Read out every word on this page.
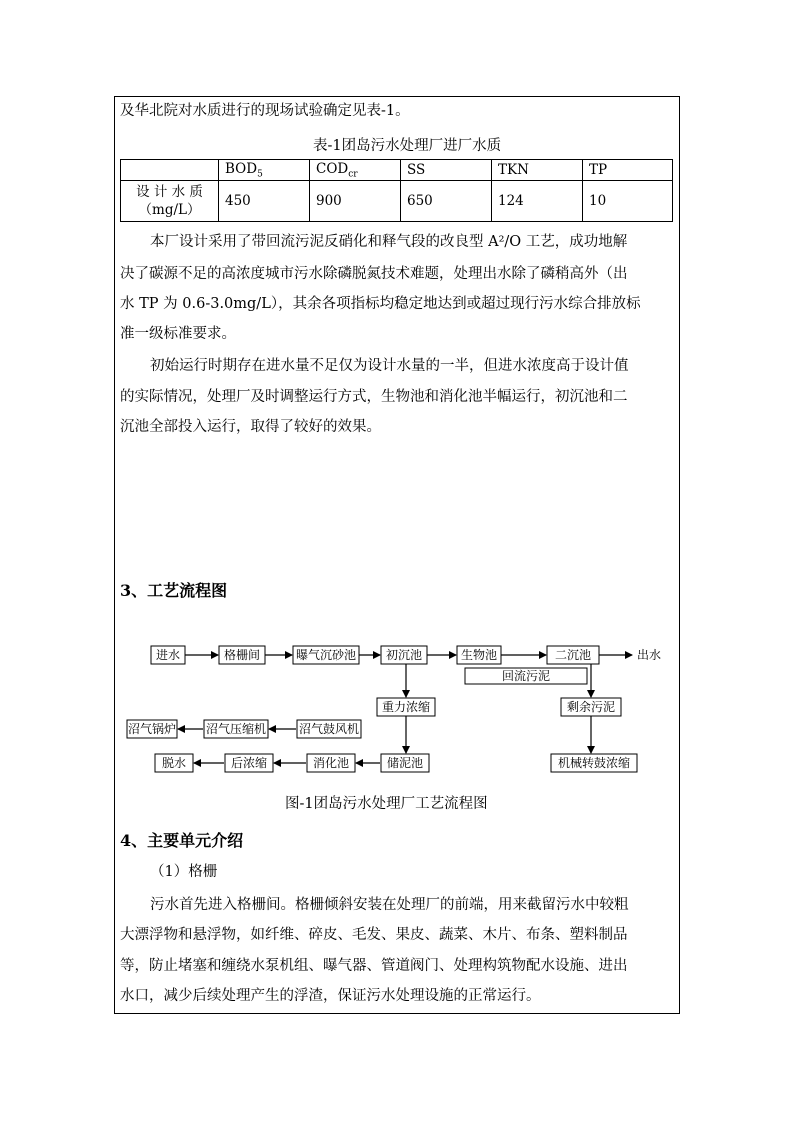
及华北院对水质进行的现场试验确定见表-1。
表-1团岛污水处理厂进厂水质
	$BOD_5$	$COD_{cr}$	SS	TKN	TP

设 计 水 质
（mg/L）	450	900	650	124	10
本厂设计采用了带回流污泥反硝化和释气段的改良型 A²/O 工艺，成功地解
决了碳源不足的高浓度城市污水除磷脱氮技术难题，处理出水除了磷稍高外（出
水 TP 为 0.6-3.0mg/L），其余各项指标均稳定地达到或超过现行污水综合排放标
准一级标准要求。
初始运行时期存在进水量不足仅为设计水量的一半，但进水浓度高于设计值
的实际情况，处理厂及时调整运行方式，生物池和消化池半幅运行，初沉池和二
沉池全部投入运行，取得了较好的效果。
3、工艺流程图
进水	格栅间	曝气沉砂池 初沉池	生物池	二沉池	出水
回流污泥
重力浓缩	剩余污泥
沼气锅炉 沼气压缩机	沼气鼓风机
脱水	后浓缩	消化池	储泥池	机械转鼓浓缩
图-1团岛污水处理厂工艺流程图
4、主要单元介绍
（1）格栅
污水首先进入格栅间。格栅倾斜安装在处理厂的前端，用来截留污水中较粗
大漂浮物和悬浮物，如纤维、碎皮、毛发、果皮、蔬菜、木片、布条、塑料制品
等，防止堵塞和缠绕水泵机组、曝气器、管道阀门、处理构筑物配水设施、进出
水口，减少后续处理产生的浮渣，保证污水处理设施的正常运行。
